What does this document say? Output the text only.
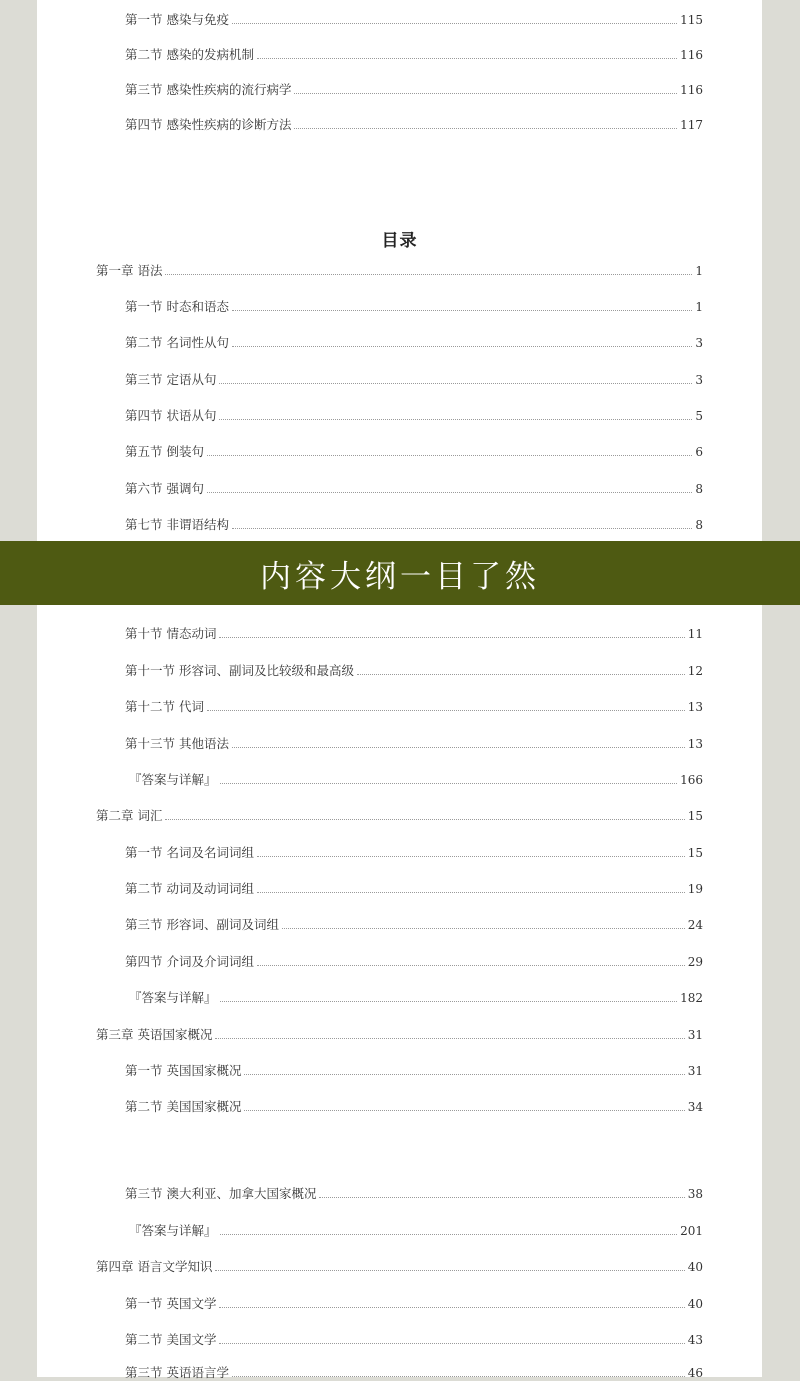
第一节 感染与免疫	115
第二节 感染的发病机制	116
第三节 感染性疾病的流行病学	116
第四节 感染性疾病的诊断方法	117
目录
第一章 语法	1
第一节 时态和语态	1
第二节 名词性从句	3
第三节 定语从句	3
第四节 状语从句	5
第五节 倒装句	6
第六节 强调句	8
第七节 非谓语结构	8
内容大纲一目了然
第十节 情态动词	11
第十一节 形容词、副词及比较级和最高级	12
第十二节 代词	13
第十三节 其他语法	13
『答案与详解』	166
第二章 词汇	15
第一节 名词及名词词组	15
第二节 动词及动词词组	19
第三节 形容词、副词及词组	24
第四节 介词及介词词组	29
『答案与详解』	182
第三章 英语国家概况	31
第一节 英国国家概况	31
第二节 美国国家概况	34
第三节 澳大利亚、加拿大国家概况	38
『答案与详解』	201
第四章 语言文学知识	40
第一节 英国文学	40
第二节 美国文学	43
第三节 英语语言学	46
